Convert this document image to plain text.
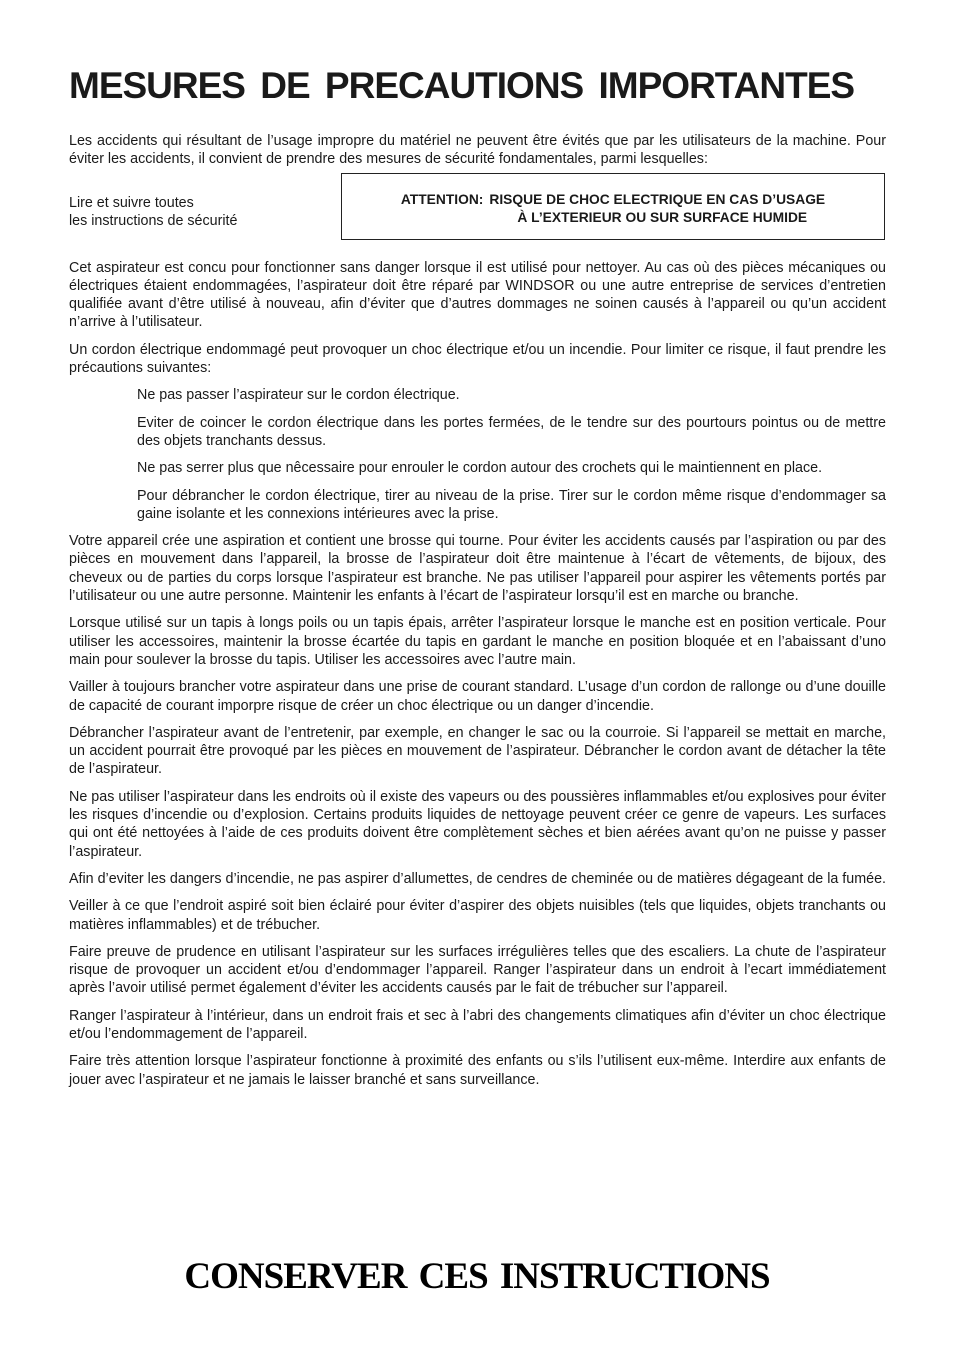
MESURES DE PRECAUTIONS IMPORTANTES

Les accidents qui résultant de l’usage impropre du matériel ne peuvent être évités que par les utilisateurs de la machine. Pour éviter les accidents, il convient de prendre des mesures de sécurité fondamentales, parmi lesquelles:

Lire et suivre toutes
les instructions de sécurité
ATTENTION: RISQUE DE CHOC ELECTRIQUE EN CAS D’USAGE
À L’EXTERIEUR OU SUR SURFACE HUMIDE

Cet aspirateur est concu pour fonctionner sans danger lorsque il est utilisé pour nettoyer. Au cas où des pièces mécaniques ou électriques étaient endommagées, l’aspirateur doit être réparé par WINDSOR ou une autre entreprise de services d’entretien qualifiée avant d’être utilisé à nouveau, afin d’éviter que d’autres dommages ne soinen causés à l’appareil ou qu’un accident n’arrive à l’utilisateur.

Un cordon électrique endommagé peut provoquer un choc électrique et/ou un incendie. Pour limiter ce risque, il faut prendre les précautions suivantes:

Ne pas passer l’aspirateur sur le cordon électrique.

Eviter de coincer le cordon électrique dans les portes fermées, de le tendre sur des pourtours pointus ou de mettre des objets tranchants dessus.

Ne pas serrer plus que nêcessaire pour enrouler le cordon autour des crochets qui le maintiennent en place.

Pour débrancher le cordon électrique, tirer au niveau de la prise. Tirer sur le cordon même risque d’endommager sa gaine isolante et les connexions intérieures avec la prise.

Votre appareil crée une aspiration et contient une brosse qui tourne. Pour éviter les accidents causés par l’aspiration ou par des pièces en mouvement dans l’appareil, la brosse de l’aspirateur doit être maintenue à l’écart de vêtements, de bijoux, des cheveux ou de parties du corps lorsque l’aspirateur est branche. Ne pas utiliser l’appareil pour aspirer les vêtements portés par l’utilisateur ou une autre personne. Maintenir les enfants à l’écart de l’aspirateur lorsqu’il est en marche ou branche.

Lorsque utilisé sur un tapis à longs poils ou un tapis épais, arrêter l’aspirateur lorsque le manche est en position verticale. Pour utiliser les accessoires, maintenir la brosse écartée du tapis en gardant le manche en position bloquée et en l’abaissant d’uno main pour soulever la brosse du tapis. Utiliser les accessoires avec l’autre main.

Vailler à toujours brancher votre aspirateur dans une prise de courant standard. L’usage d’un cordon de rallonge ou d’une douille de capacité de courant imporpre risque de créer un choc électrique ou un danger d’incendie.

Débrancher l’aspirateur avant de l’entretenir, par exemple, en changer le sac ou la courroie. Si l’appareil se mettait en marche, un accident pourrait être provoqué par les pièces en mouvement de l’aspirateur. Débrancher le cordon avant de détacher la tête de l’aspirateur.

Ne pas utiliser l’aspirateur dans les endroits où il existe des vapeurs ou des poussières inflammables et/ou explosives pour éviter les risques d’incendie ou d’explosion. Certains produits liquides de nettoyage peuvent créer ce genre de vapeurs. Les surfaces qui ont été nettoyées à l’aide de ces produits doivent être complètement sèches et bien aérées avant qu’on ne puisse y passer l’aspirateur.

Afin d’eviter les dangers d’incendie, ne pas aspirer d’allumettes, de cendres de cheminée ou de matières dégageant de la fumée.

Veiller à ce que l’endroit aspiré soit bien éclairé pour éviter d’aspirer des objets nuisibles (tels que liquides, objets tranchants ou matières inflammables) et de trébucher.

Faire preuve de prudence en utilisant l’aspirateur sur les surfaces irrégulières telles que des escaliers. La chute de l’aspirateur risque de provoquer un accident et/ou d’endommager l’appareil. Ranger l’aspirateur dans un endroit à l’ecart immédiatement après l’avoir utilisé permet également d’éviter les accidents causés par le fait de trébucher sur l’appareil.

Ranger l’aspirateur à l’intérieur, dans un endroit frais et sec à l’abri des changements climatiques afin d’éviter un choc électrique et/ou l’endommagement de l’appareil.

Faire très attention lorsque l’aspirateur fonctionne à proximité des enfants ou s’ils l’utilisent eux-même. Interdire aux enfants de jouer avec l’aspirateur et ne jamais le laisser branché et sans surveillance.

CONSERVER CES INSTRUCTIONS
